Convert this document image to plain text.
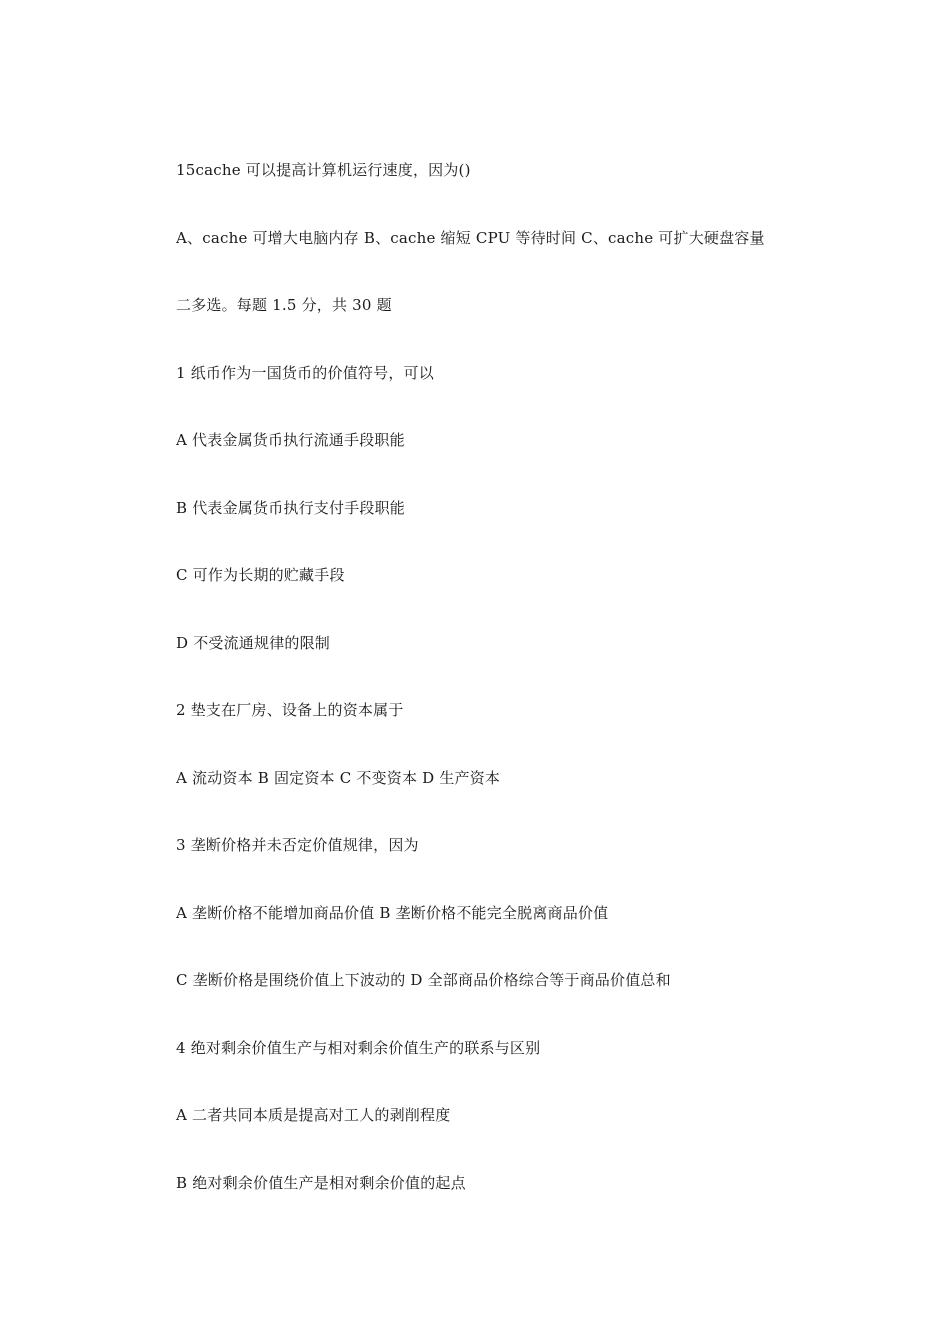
15cache 可以提高计算机运行速度，因为()

A、cache 可增大电脑内存 B、cache 缩短 CPU 等待时间 C、cache 可扩大硬盘容量

二多选。每题 1.5 分，共 30 题

1 纸币作为一国货币的价值符号，可以

A 代表金属货币执行流通手段职能

B 代表金属货币执行支付手段职能

C 可作为长期的贮藏手段

D 不受流通规律的限制

2 垫支在厂房、设备上的资本属于

A 流动资本 B 固定资本 C 不变资本 D 生产资本

3 垄断价格并未否定价值规律，因为

A 垄断价格不能增加商品价值 B 垄断价格不能完全脱离商品价值

C 垄断价格是围绕价值上下波动的 D 全部商品价格综合等于商品价值总和

4 绝对剩余价值生产与相对剩余价值生产的联系与区别

A 二者共同本质是提高对工人的剥削程度

B 绝对剩余价值生产是相对剩余价值的起点
